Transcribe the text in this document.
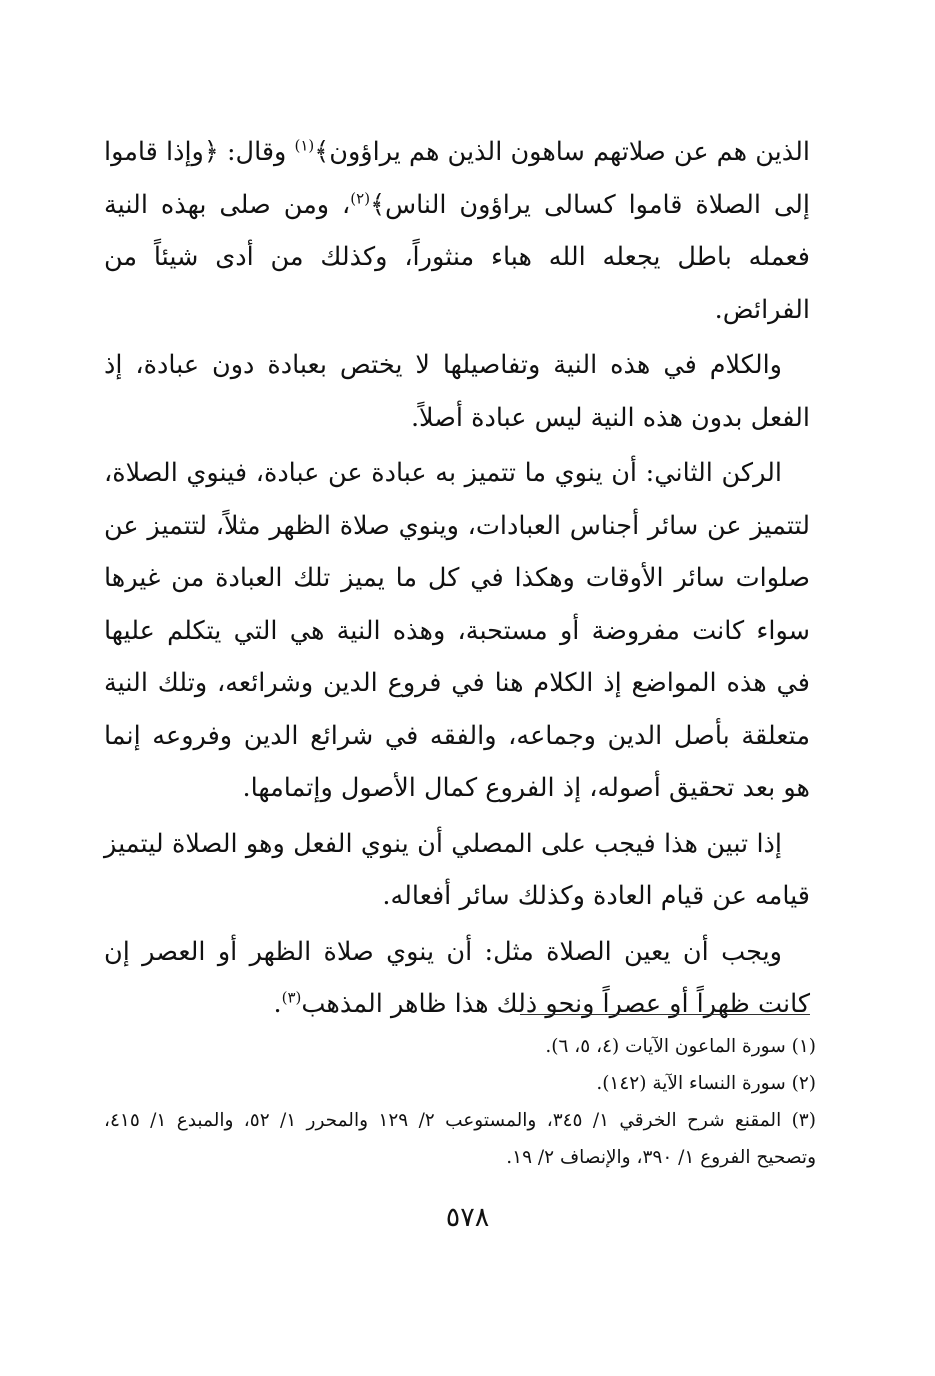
الذين هم عن صلاتهم ساهون الذين هم يراؤون﴾$^{(١)}$ وقال: ﴿وإذا قاموا إلى الصلاة قاموا كسالى يراؤون الناس﴾$^{(٢)}$، ومن صلى بهذه النية فعمله باطل يجعله الله هباء منثوراً، وكذلك من أدى شيئاً من الفرائض.

والكلام في هذه النية وتفاصيلها لا يختص بعبادة دون عبادة، إذ الفعل بدون هذه النية ليس عبادة أصلاً.

الركن الثاني: أن ينوي ما تتميز به عبادة عن عبادة، فينوي الصلاة، لتتميز عن سائر أجناس العبادات، وينوي صلاة الظهر مثلاً، لتتميز عن صلوات سائر الأوقات وهكذا في كل ما يميز تلك العبادة من غيرها سواء كانت مفروضة أو مستحبة، وهذه النية هي التي يتكلم عليها في هذه المواضع إذ الكلام هنا في فروع الدين وشرائعه، وتلك النية متعلقة بأصل الدين وجماعه، والفقه في شرائع الدين وفروعه إنما هو بعد تحقيق أصوله، إذ الفروع كمال الأصول وإتمامها.

إذا تبين هذا فيجب على المصلي أن ينوي الفعل وهو الصلاة ليتميز قيامه عن قيام العادة وكذلك سائر أفعاله.

ويجب أن يعين الصلاة مثل: أن ينوي صلاة الظهر أو العصر إن كانت ظهراً أو عصراً ونحو ذلك هذا ظاهر المذهب$^{(٣)}$.

(١) سورة الماعون الآيات (٤، ٥، ٦).

(٢) سورة النساء الآية (١٤٢).

(٣) المقنع شرح الخرقي ١/ ٣٤٥، والمستوعب ٢/ ١٢٩ والمحرر ١/ ٥٢، والمبدع ١/ ٤١٥، وتصحيح الفروع ١/ ٣٩٠، والإنصاف ٢/ ١٩.

٥٧٨
